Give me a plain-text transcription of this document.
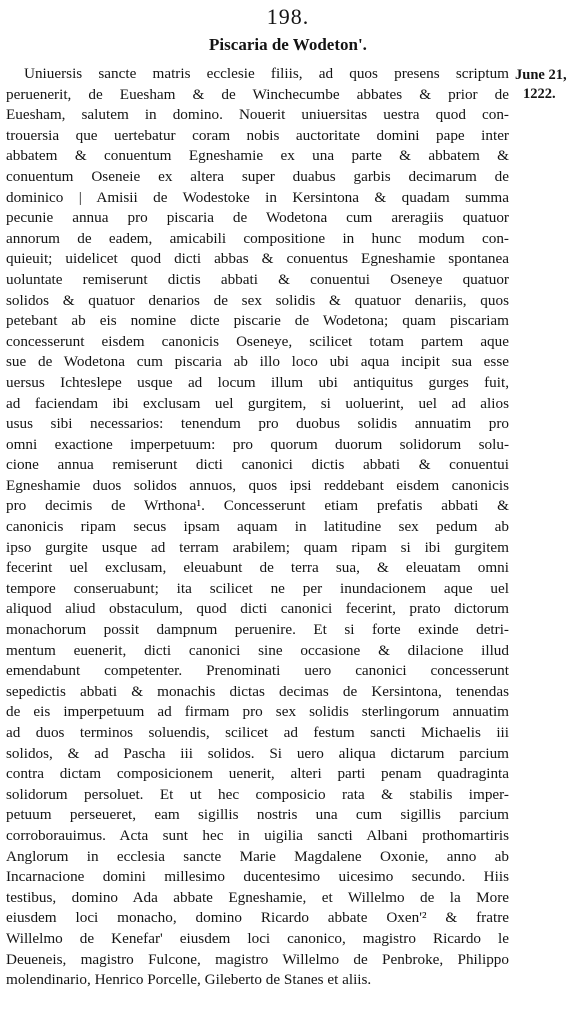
198.
Piscaria de Wodeton'.
June 21,
1222.
Uniuersis sancte matris ecclesie filiis, ad quos presens scriptum
peruenerit, de Euesham & de Winchecumbe abbates & prior de
Euesham, salutem in domino. Nouerit uniuersitas uestra quod con-
trouersia que uertebatur coram nobis auctoritate domini pape inter
abbatem & conuentum Egneshamie ex una parte & abbatem &
conuentum Oseneie ex altera super duabus garbis decimarum de
dominico | Amisii de Wodestoke in Kersintona & quadam summa
pecunie annua pro piscaria de Wodetona cum areragiis quatuor
annorum de eadem, amicabili compositione in hunc modum con-
quieuit; uidelicet quod dicti abbas & conuentus Egneshamie spontanea
uoluntate remiserunt dictis abbati & conuentui Oseneye quatuor
solidos & quatuor denarios de sex solidis & quatuor denariis, quos
petebant ab eis nomine dicte piscarie de Wodetona; quam piscariam
concesserunt eisdem canonicis Oseneye, scilicet totam partem aque
sue de Wodetona cum piscaria ab illo loco ubi aqua incipit sua esse
uersus Ichteslepe usque ad locum illum ubi antiquitus gurges fuit,
ad faciendam ibi exclusam uel gurgitem, si uoluerint, uel ad alios
usus sibi necessarios: tenendum pro duobus solidis annuatim pro
omni exactione imperpetuum: pro quorum duorum solidorum solu-
cione annua remiserunt dicti canonici dictis abbati & conuentui
Egneshamie duos solidos annuos, quos ipsi reddebant eisdem canonicis
pro decimis de Wrthona¹. Concesserunt etiam prefatis abbati &
canonicis ripam secus ipsam aquam in latitudine sex pedum ab
ipso gurgite usque ad terram arabilem; quam ripam si ibi gurgitem
fecerint uel exclusam, eleuabunt de terra sua, & eleuatam omni
tempore conseruabunt; ita scilicet ne per inundacionem aque uel
aliquod aliud obstaculum, quod dicti canonici fecerint, prato dictorum
monachorum possit dampnum peruenire. Et si forte exinde detri-
mentum euenerit, dicti canonici sine occasione & dilacione illud
emendabunt competenter. Prenominati uero canonici concesserunt
sepedictis abbati & monachis dictas decimas de Kersintona, tenendas
de eis imperpetuum ad firmam pro sex solidis sterlingorum annuatim
ad duos terminos soluendis, scilicet ad festum sancti Michaelis iii
solidos, & ad Pascha iii solidos. Si uero aliqua dictarum parcium
contra dictam composicionem uenerit, alteri parti penam quadraginta
solidorum persoluet. Et ut hec composicio rata & stabilis imper-
petuum perseueret, eam sigillis nostris una cum sigillis parcium
corroborauimus. Acta sunt hec in uigilia sancti Albani prothomartiris
Anglorum in ecclesia sancte Marie Magdalene Oxonie, anno ab
Incarnacione domini millesimo ducentesimo uicesimo secundo. Hiis
testibus, domino Ada abbate Egneshamie, et Willelmo de la More
eiusdem loci monacho, domino Ricardo abbate Oxen'² & fratre
Willelmo de Kenefar' eiusdem loci canonico, magistro Ricardo le
Deueneis, magistro Fulcone, magistro Willelmo de Penbroke, Philippo
molendinario, Henrico Porcelle, Gileberto de Stanes et aliis.
